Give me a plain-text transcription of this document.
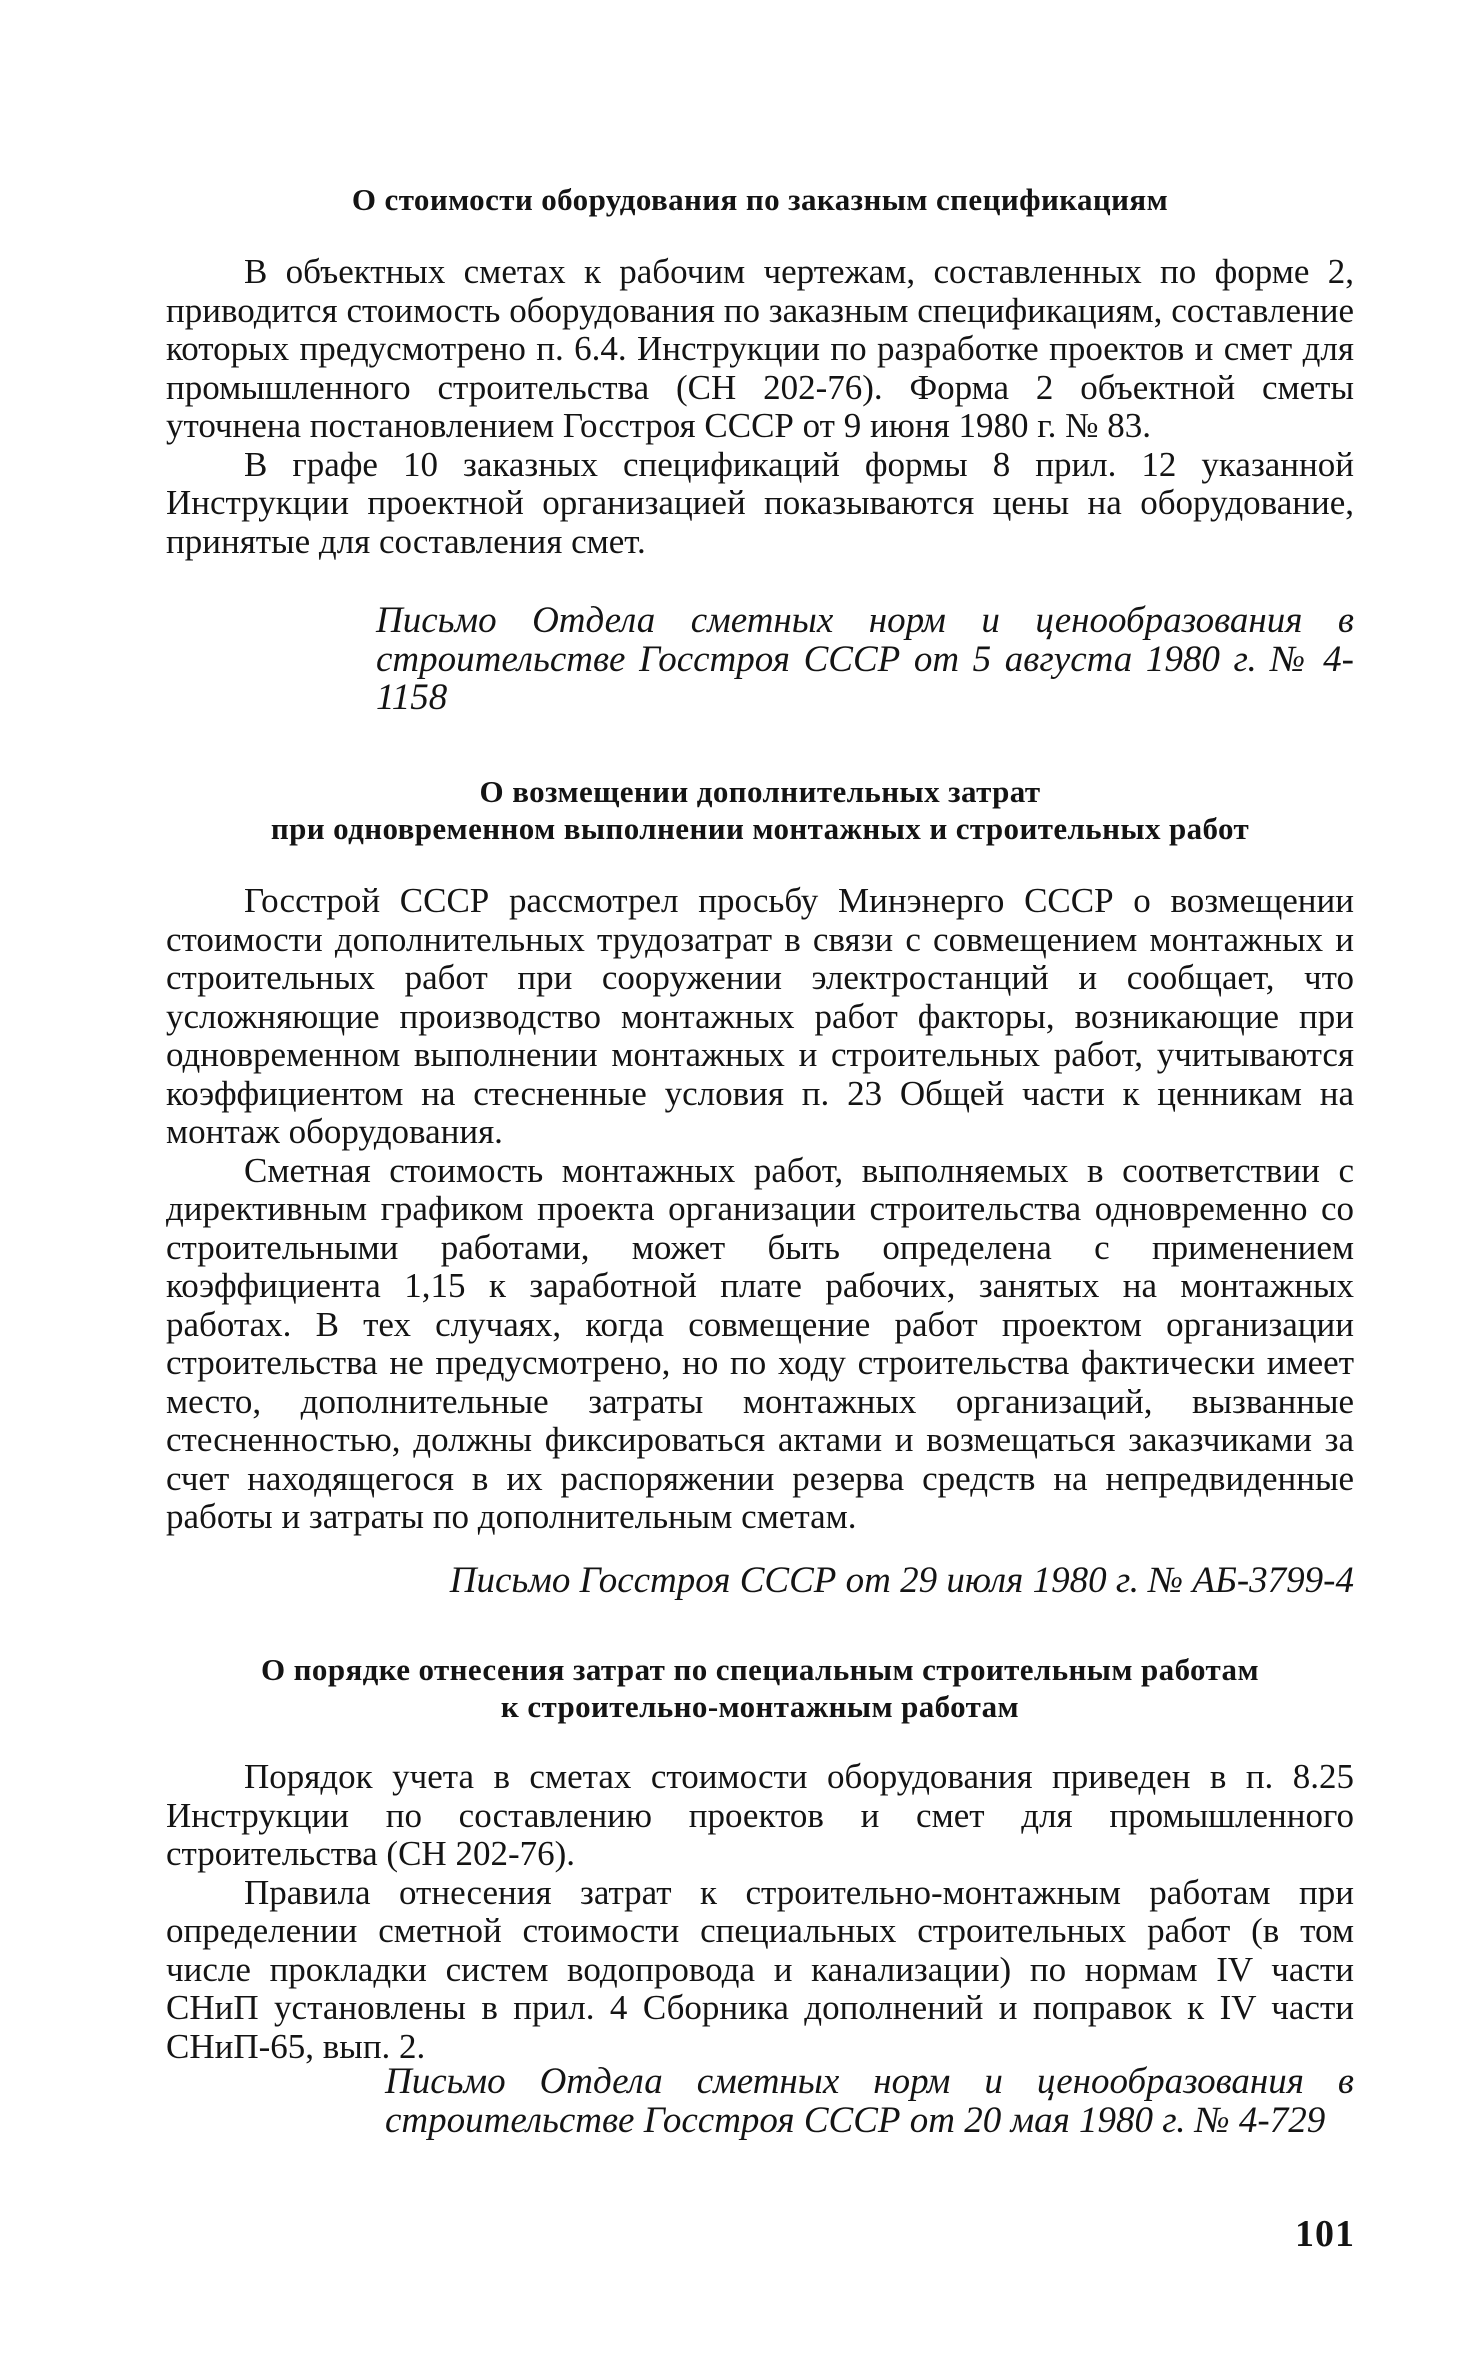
О стоимости оборудования по заказным спецификациям

В объектных сметах к рабочим чертежам, составленных по форме 2, приводится стоимость оборудования по заказным спецификациям, составление которых предусмотрено п. 6.4. Инструкции по разработке проектов и смет для промышленного строительства (СН 202-76). Форма 2 объектной сметы уточнена постановлением Госстроя СССР от 9 июня 1980 г. № 83.

В графе 10 заказных спецификаций формы 8 прил. 12 указанной Инструкции проектной организацией показываются цены на оборудование, принятые для составления смет.

Письмо Отдела сметных норм и ценообразования в строительстве Госстроя СССР от 5 августа 1980 г. № 4-1158
О возмещении дополнительных затрат
при одновременном выполнении монтажных и строительных работ

Госстрой СССР рассмотрел просьбу Минэнерго СССР о возмещении стоимости дополнительных трудозатрат в связи с совмещением монтажных и строительных работ при сооружении электростанций и сообщает, что усложняющие производство монтажных работ факторы, возникающие при одновременном выполнении монтажных и строительных работ, учитываются коэффициентом на стесненные условия п. 23 Общей части к ценникам на монтаж оборудования.

Сметная стоимость монтажных работ, выполняемых в соответствии с директивным графиком проекта организации строительства одновременно со строительными работами, может быть определена с применением коэффициента 1,15 к заработной плате рабочих, занятых на монтажных работах. В тех случаях, когда совмещение работ проектом организации строительства не предусмотрено, но по ходу строительства фактически имеет место, дополнительные затраты монтажных организаций, вызванные стесненностью, должны фиксироваться актами и возмещаться заказчиками за счет находящегося в их распоряжении резерва средств на непредвиденные работы и затраты по дополнительным сметам.

Письмо Госстроя СССР от 29 июля 1980 г. № АБ-3799-4
О порядке отнесения затрат по специальным строительным работам
к строительно-монтажным работам

Порядок учета в сметах стоимости оборудования приведен в п. 8.25 Инструкции по составлению проектов и смет для промышленного строительства (СН 202-76).

Правила отнесения затрат к строительно-монтажным работам при определении сметной стоимости специальных строительных работ (в том числе прокладки систем водопровода и канализации) по нормам IV части СНиП установлены в прил. 4 Сборника дополнений и поправок к IV части СНиП-65, вып. 2.

Письмо Отдела сметных норм и ценообразования в строительстве Госстроя СССР от 20 мая 1980 г. № 4-729
101
